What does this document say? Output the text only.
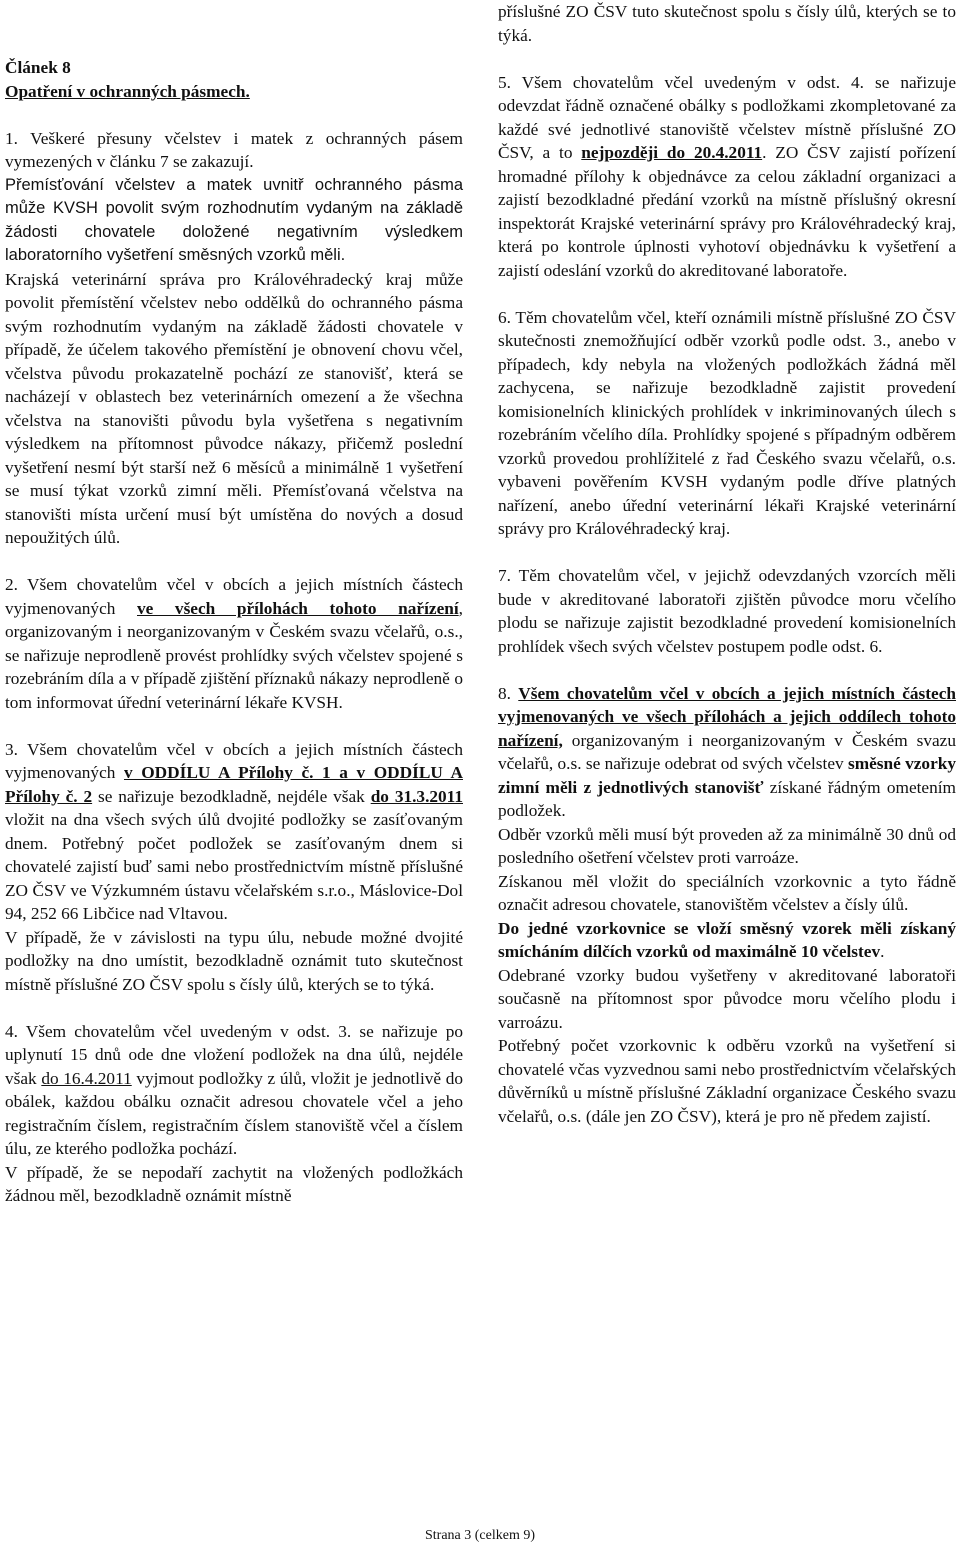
Článek 8

Opatření v ochranných pásmech.

1. Veškeré přesuny včelstev i matek z ochranných pásem vymezených v článku 7 se zakazují.

Přemísťování včelstev a matek uvnitř ochranného pásma může KVSH povolit svým rozhodnutím vydaným na základě žádosti chovatele doložené negativním výsledkem laboratorního vyšetření směsných vzorků měli.

Krajská veterinární správa pro Královéhradecký kraj může povolit přemístění včelstev nebo oddělků do ochranného pásma svým rozhodnutím vydaným na základě žádosti chovatele v případě, že účelem takového přemístění je obnovení chovu včel, včelstva původu prokazatelně pochází ze stanovišť, která se nacházejí v oblastech bez veterinárních omezení a že všechna včelstva na stanovišti původu byla vyšetřena s negativním výsledkem na přítomnost původce nákazy, přičemž poslední vyšetření nesmí být starší než 6 měsíců a minimálně 1 vyšetření se musí týkat vzorků zimní měli. Přemísťovaná včelstva na stanovišti místa určení musí být umístěna do nových a dosud nepoužitých úlů.

2. Všem chovatelům včel v obcích a jejich místních částech vyjmenovaných ve všech přílohách tohoto nařízení, organizovaným i neorganizovaným v Českém svazu včelařů, o.s., se nařizuje neprodleně provést prohlídky svých včelstev spojené s rozebráním díla a v případě zjištění příznaků nákazy neprodleně o tom informovat úřední veterinární lékaře KVSH.

3. Všem chovatelům včel v obcích a jejich místních částech vyjmenovaných v ODDÍLU A Přílohy č. 1 a v ODDÍLU A Přílohy č. 2 se nařizuje bezodkladně, nejdéle však do 31.3.2011 vložit na dna všech svých úlů dvojité podložky se zasíťovaným dnem. Potřebný počet podložek se zasíťovaným dnem si chovatelé zajistí buď sami nebo prostřednictvím místně příslušné ZO ČSV ve Výzkumném ústavu včelařském s.r.o., Máslovice-Dol 94, 252 66 Libčice nad Vltavou.

V případě, že v závislosti na typu úlu, nebude možné dvojité podložky na dno umístit, bezodkladně oznámit tuto skutečnost místně příslušné ZO ČSV spolu s čísly úlů, kterých se to týká.

4. Všem chovatelům včel uvedeným v odst. 3. se nařizuje po uplynutí 15 dnů ode dne vložení podložek na dna úlů, nejdéle však do 16.4.2011 vyjmout podložky z úlů, vložit je jednotlivě do obálek, každou obálku označit adresou chovatele včel a jeho registračním číslem, registračním číslem stanoviště včel a číslem úlu, ze kterého podložka pochází.

V případě, že se nepodaří zachytit na vložených podložkách žádnou měl, bezodkladně oznámit místně

příslušné ZO ČSV tuto skutečnost spolu s čísly úlů, kterých se to týká.

5. Všem chovatelům včel uvedeným v odst. 4. se nařizuje odevzdat řádně označené obálky s podložkami zkompletované za každé své jednotlivé stanoviště včelstev místně příslušné ZO ČSV, a to nejpozději do 20.4.2011. ZO ČSV zajistí pořízení hromadné přílohy k objednávce za celou základní organizaci a zajistí bezodkladné předání vzorků na místně příslušný okresní inspektorát Krajské veterinární správy pro Královéhradecký kraj, která po kontrole úplnosti vyhotoví objednávku k vyšetření a zajistí odeslání vzorků do akreditované laboratoře.

6. Těm chovatelům včel, kteří oznámili místně příslušné ZO ČSV skutečnosti znemožňující odběr vzorků podle odst. 3., anebo v případech, kdy nebyla na vložených podložkách žádná měl zachycena, se nařizuje bezodkladně zajistit provedení komisionelních klinických prohlídek v inkriminovaných úlech s rozebráním včelího díla. Prohlídky spojené s případným odběrem vzorků provedou prohlížitelé z řad Českého svazu včelařů, o.s. vybaveni pověřením KVSH vydaným podle dříve platných nařízení, anebo úřední veterinární lékaři Krajské veterinární správy pro Královéhradecký kraj.

7. Těm chovatelům včel, v jejichž odevzdaných vzorcích měli bude v akreditované laboratoři zjištěn původce moru včelího plodu se nařizuje zajistit bezodkladné provedení komisionelních prohlídek všech svých včelstev postupem podle odst. 6.

8. Všem chovatelům včel v obcích a jejich místních částech vyjmenovaných ve všech přílohách a jejich oddílech tohoto nařízení, organizovaným i neorganizovaným v Českém svazu včelařů, o.s. se nařizuje odebrat od svých včelstev směsné vzorky zimní měli z jednotlivých stanovišť získané řádným ometením podložek.

Odběr vzorků měli musí být proveden až za minimálně 30 dnů od posledního ošetření včelstev proti varroáze.

Získanou měl vložit do speciálních vzorkovnic a tyto řádně označit adresou chovatele, stanovištěm včelstev a čísly úlů.

Do jedné vzorkovnice se vloží směsný vzorek měli získaný smícháním dílčích vzorků od maximálně 10 včelstev.

Odebrané vzorky budou vyšetřeny v akreditované laboratoři současně na přítomnost spor původce moru včelího plodu i varroázu.

Potřebný počet vzorkovnic k odběru vzorků na vyšetření si chovatelé včas vyzvednou sami nebo prostřednictvím včelařských důvěrníků u místně příslušné Základní organizace Českého svazu včelařů, o.s. (dále jen ZO ČSV), která je pro ně předem zajistí.

Strana 3 (celkem 9)
